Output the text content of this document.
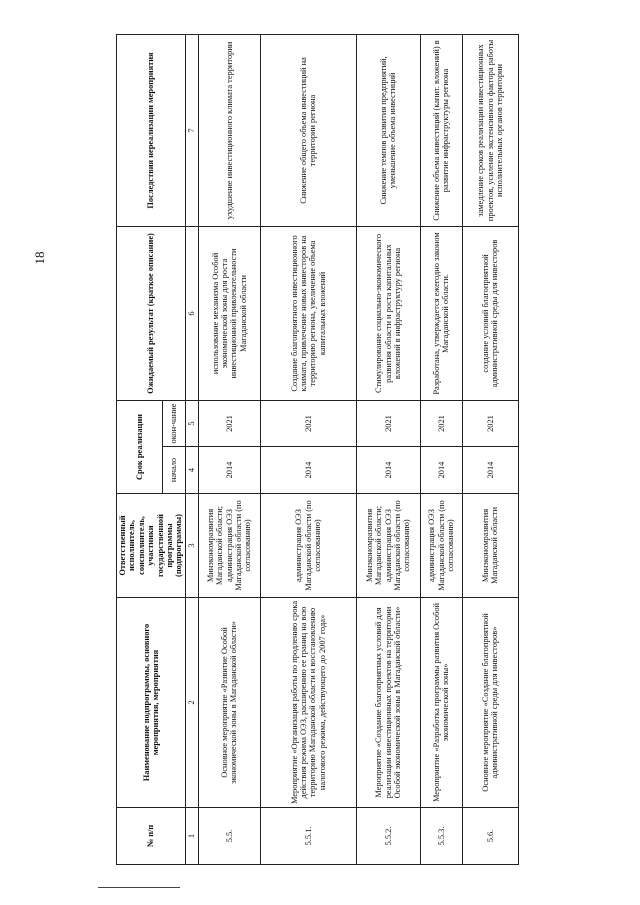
18
№ п/п	Наименование подпрограммы, основного мероприятия, мероприятия	Ответственный исполнитель, соисполнитель, участники государственной программы (подпрограммы)	Срок реализации		Ожидаемый результат (краткое описание)	Последствия нереализации мероприятия
			начало	окон-чание		
1	2	3	4	5	6	7
5.5.	Основное мероприятие «Развитие Особой экономической зоны в Магаданской области»	Минэкономразвития Магаданской области; администрация ОЭЗ Магаданской области (по согласованию)	2014	2021	использование механизма Особой экономической зоны для роста инвестиционной привлекательности Магаданской области	ухудшение инвестиционного климата территории
5.5.1.	Мероприятие «Организация работы по продлению срока действия режима ОЭЗ, расширению ее границ на всю территорию Магаданской области и восстановлению налогового режима, действующего до 2007 года»	администрация ОЭЗ Магаданской области (по согласованию)	2014	2021	Создание благоприятного инвестиционного климата, привлечение новых инвесторов на территорию региона, увеличение объема капитальных вложений	Снижение общего объема инвестиций на территории региона
5.5.2.	Мероприятие «Создание благоприятных условий для реализации инвестиционных проектов на территории Особой экономической зоны в Магаданской области»	Минэкономразвития Магаданской области; администрация ОЭЗ Магаданской области (по согласованию)	2014	2021	Стимулирование социально-экономического развития области и роста капитальных вложений в инфраструктуру региона	Снижение темпов развития предприятий, уменьшение объема инвестиций
5.5.3.	Мероприятие «Разработка программы развития Особой экономической зоны»	администрация ОЭЗ Магаданской области (по согласованию)	2014	2021	Разработана, утверждается ежегодно законом Магаданской области.	Снижение объема инвестиций (капит. вложений) в развитие инфраструктуры региона
5.6.	Основное мероприятие «Создание благоприятной административной среды для инвесторов»	Минэкономразвития Магаданской области	2014	2021	создание условий благоприятной административной среды для инвесторов	замедление сроков реализации инвестиционных проектов, усиление экстенсивного фактора работы исполнительных органов территории
